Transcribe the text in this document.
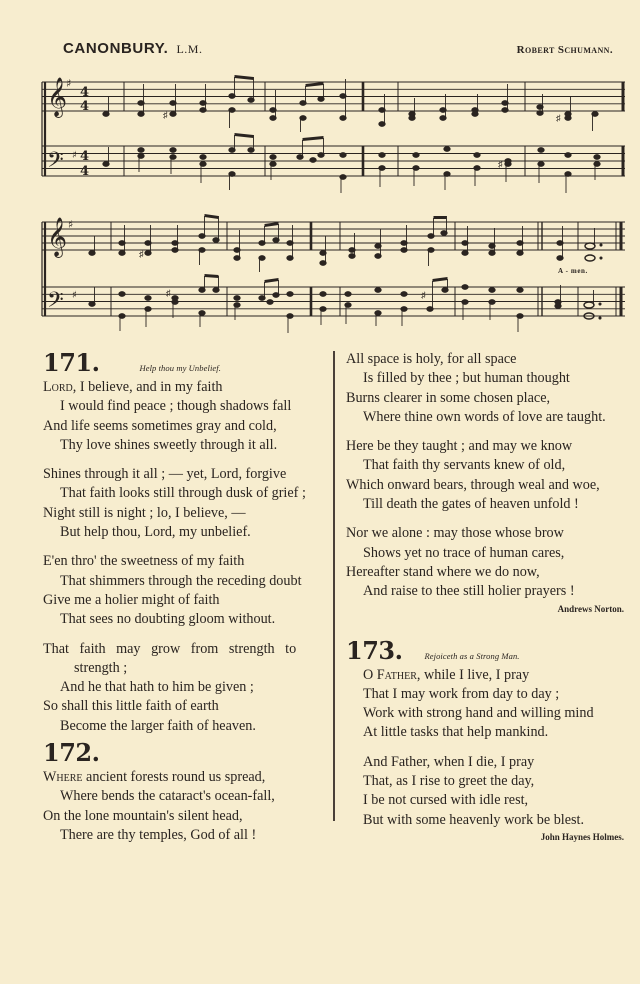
CANONBURY. L.M.	Robert Schumann.
𝄞
𝄢
♯
♯
4
4
4
4
𝄞
𝄢
♯
♯
♯	♯
♯
♯
♯	♯
A - men.
171.	Help thou my Unbelief.
Lord, I believe, and in my faith
I would find peace ; though shadows fall
And life seems sometimes gray and cold,
Thy love shines sweetly through it all.
Shines through it all ; — yet, Lord, forgive
That faith looks still through dusk of grief ;
Night still is night ; lo, I believe, —
But help thou, Lord, my unbelief.
E'en thro' the sweetness of my faith
That shimmers through the receding doubt
Give me a holier might of faith
That sees no doubting gloom without.
That faith may grow from strength to
strength ;
And he that hath to him be given ;
So shall this little faith of earth
Become the larger faith of heaven.
172.
Where ancient forests round us spread,
Where bends the cataract's ocean-fall,
On the lone mountain's silent head,
There are thy temples, God of all !
All space is holy, for all space
Is filled by thee ; but human thought
Burns clearer in some chosen place,
Where thine own words of love are taught.
Here be they taught ; and may we know
That faith thy servants knew of old,
Which onward bears, through weal and woe,
Till death the gates of heaven unfold !
Nor we alone : may those whose brow
Shows yet no trace of human cares,
Hereafter stand where we do now,
And raise to thee still holier prayers !
Andrews Norton.
173.	Rejoiceth as a Strong Man.
O Father, while I live, I pray
That I may work from day to day ;
Work with strong hand and willing mind
At little tasks that help mankind.
And Father, when I die, I pray
That, as I rise to greet the day,
I be not cursed with idle rest,
But with some heavenly work be blest.
John Haynes Holmes.
